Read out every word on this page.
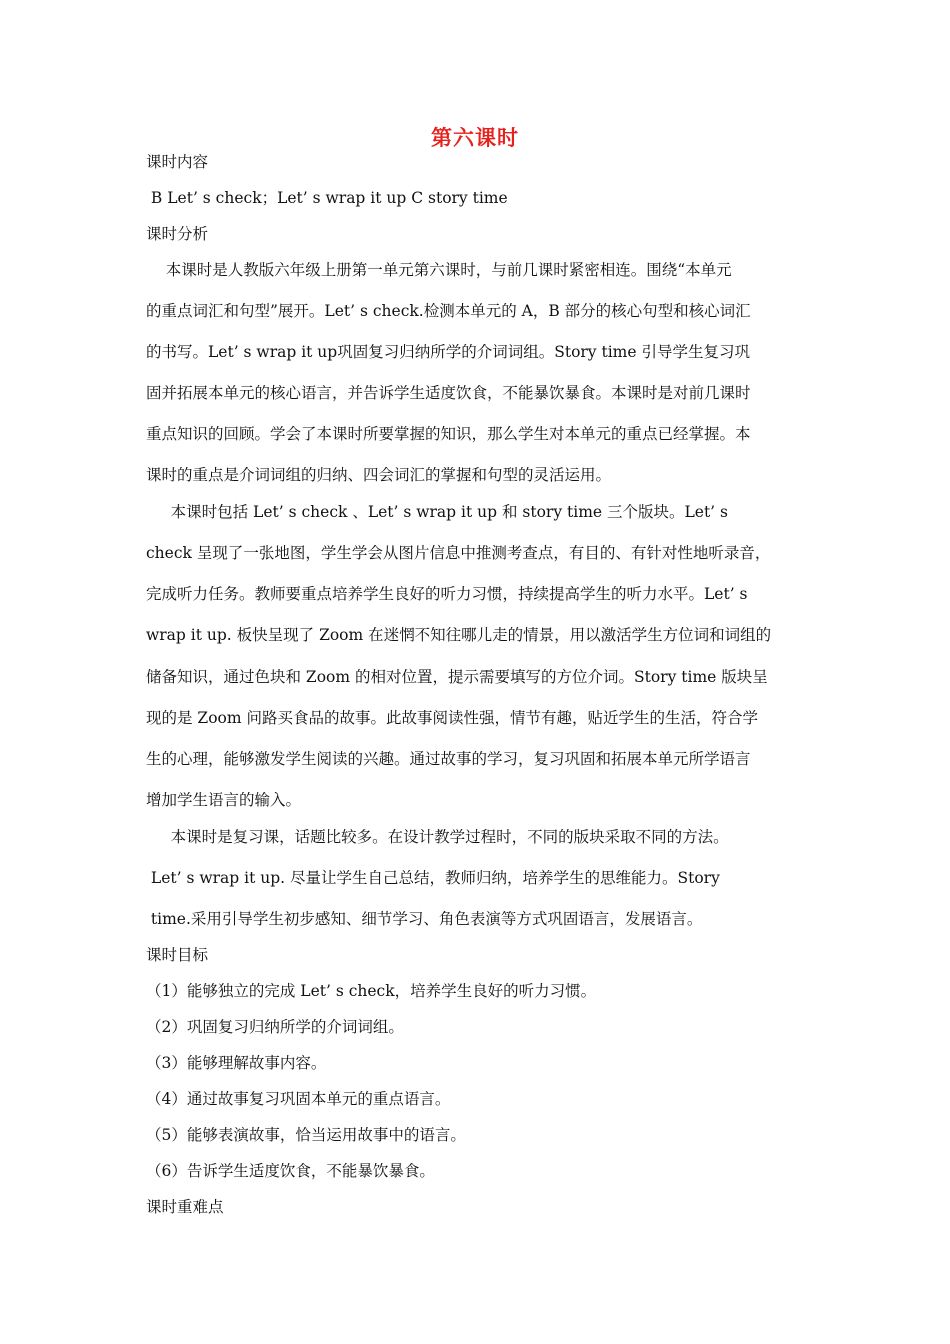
第六课时
课时内容
B Let’ s check；Let’ s wrap it up C story time
课时分析
本课时是人教版六年级上册第一单元第六课时，与前几课时紧密相连。围绕“本单元
的重点词汇和句型”展开。Let’ s check.检测本单元的 A，B 部分的核心句型和核心词汇
的书写。Let’ s wrap it up巩固复习归纳所学的介词词组。Story time 引导学生复习巩
固并拓展本单元的核心语言，并告诉学生适度饮食，不能暴饮暴食。本课时是对前几课时
重点知识的回顾。学会了本课时所要掌握的知识，那么学生对本单元的重点已经掌握。本
课时的重点是介词词组的归纳、四会词汇的掌握和句型的灵活运用。
本课时包括 Let’ s check 、Let’ s wrap it up 和 story time 三个版块。Let’ s
check 呈现了一张地图，学生学会从图片信息中推测考查点，有目的、有针对性地听录音，
完成听力任务。教师要重点培养学生良好的听力习惯，持续提高学生的听力水平。Let’ s
wrap it up. 板快呈现了 Zoom 在迷惘不知往哪儿走的情景，用以激活学生方位词和词组的
储备知识，通过色块和 Zoom 的相对位置，提示需要填写的方位介词。Story time 版块呈
现的是 Zoom 问路买食品的故事。此故事阅读性强，情节有趣，贴近学生的生活，符合学
生的心理，能够激发学生阅读的兴趣。通过故事的学习，复习巩固和拓展本单元所学语言
增加学生语言的输入。
本课时是复习课，话题比较多。在设计教学过程时，不同的版块采取不同的方法。
Let’ s wrap it up. 尽量让学生自己总结，教师归纳，培养学生的思维能力。Story
time.采用引导学生初步感知、细节学习、角色表演等方式巩固语言，发展语言。
课时目标
（1）能够独立的完成 Let’ s check，培养学生良好的听力习惯。
（2）巩固复习归纳所学的介词词组。
（3）能够理解故事内容。
（4）通过故事复习巩固本单元的重点语言。
（5）能够表演故事，恰当运用故事中的语言。
（6）告诉学生适度饮食，不能暴饮暴食。
课时重难点
